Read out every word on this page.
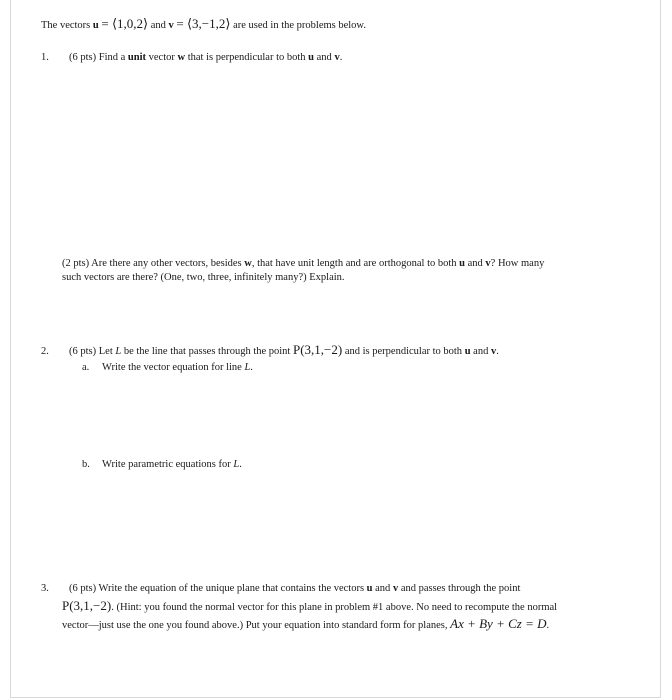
The vectors u = ⟨1,0,2⟩ and v = ⟨3,−1,2⟩ are used in the problems below.
1. (6 pts) Find a unit vector w that is perpendicular to both u and v.
(2 pts) Are there any other vectors, besides w, that have unit length and are orthogonal to both u and v? How many
such vectors are there? (One, two, three, infinitely many?) Explain.
2. (6 pts) Let L be the line that passes through the point P(3,1,−2) and is perpendicular to both u and v.
a. Write the vector equation for line L.
b. Write parametric equations for L.
3. (6 pts) Write the equation of the unique plane that contains the vectors u and v and passes through the point
P(3,1,−2). (Hint: you found the normal vector for this plane in problem #1 above. No need to recompute the normal
vector—just use the one you found above.) Put your equation into standard form for planes, Ax + By + Cz = D.
